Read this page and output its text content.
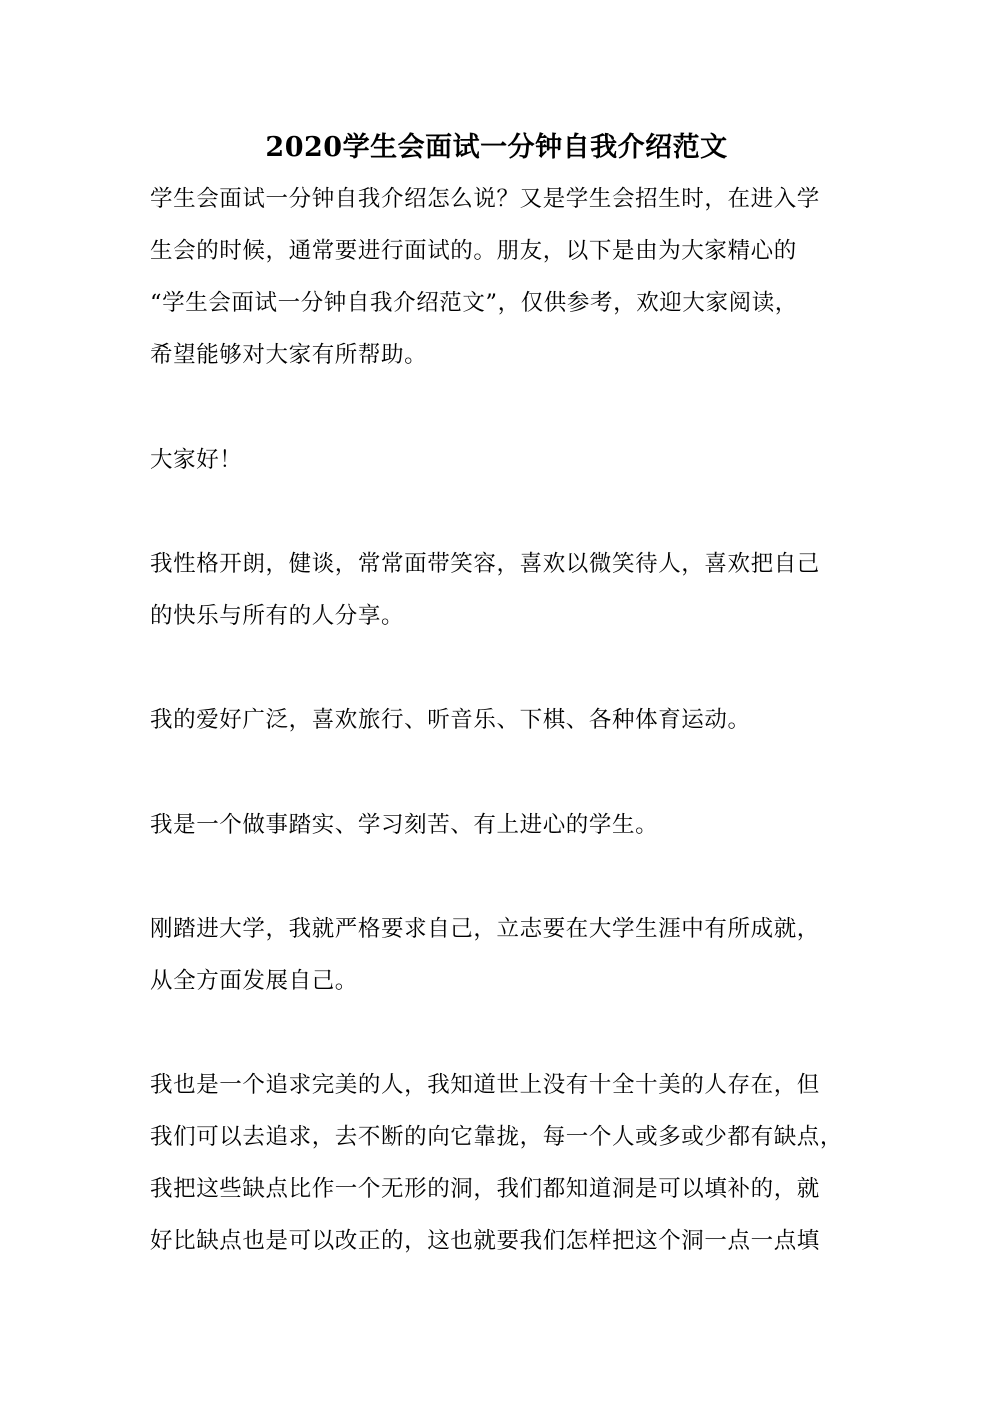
2020学生会面试一分钟自我介绍范文
学生会面试一分钟自我介绍怎么说？又是学生会招生时，在进入学
生会的时候，通常要进行面试的。朋友，以下是由为大家精心的
“学生会面试一分钟自我介绍范文”，仅供参考，欢迎大家阅读，
希望能够对大家有所帮助。
大家好！
我性格开朗，健谈，常常面带笑容，喜欢以微笑待人，喜欢把自己
的快乐与所有的人分享。
我的爱好广泛，喜欢旅行、听音乐、下棋、各种体育运动。
我是一个做事踏实、学习刻苦、有上进心的学生。
刚踏进大学，我就严格要求自己，立志要在大学生涯中有所成就，
从全方面发展自己。
我也是一个追求完美的人，我知道世上没有十全十美的人存在，但
我们可以去追求，去不断的向它靠拢，每一个人或多或少都有缺点，
我把这些缺点比作一个无形的洞，我们都知道洞是可以填补的，就
好比缺点也是可以改正的，这也就要我们怎样把这个洞一点一点填
